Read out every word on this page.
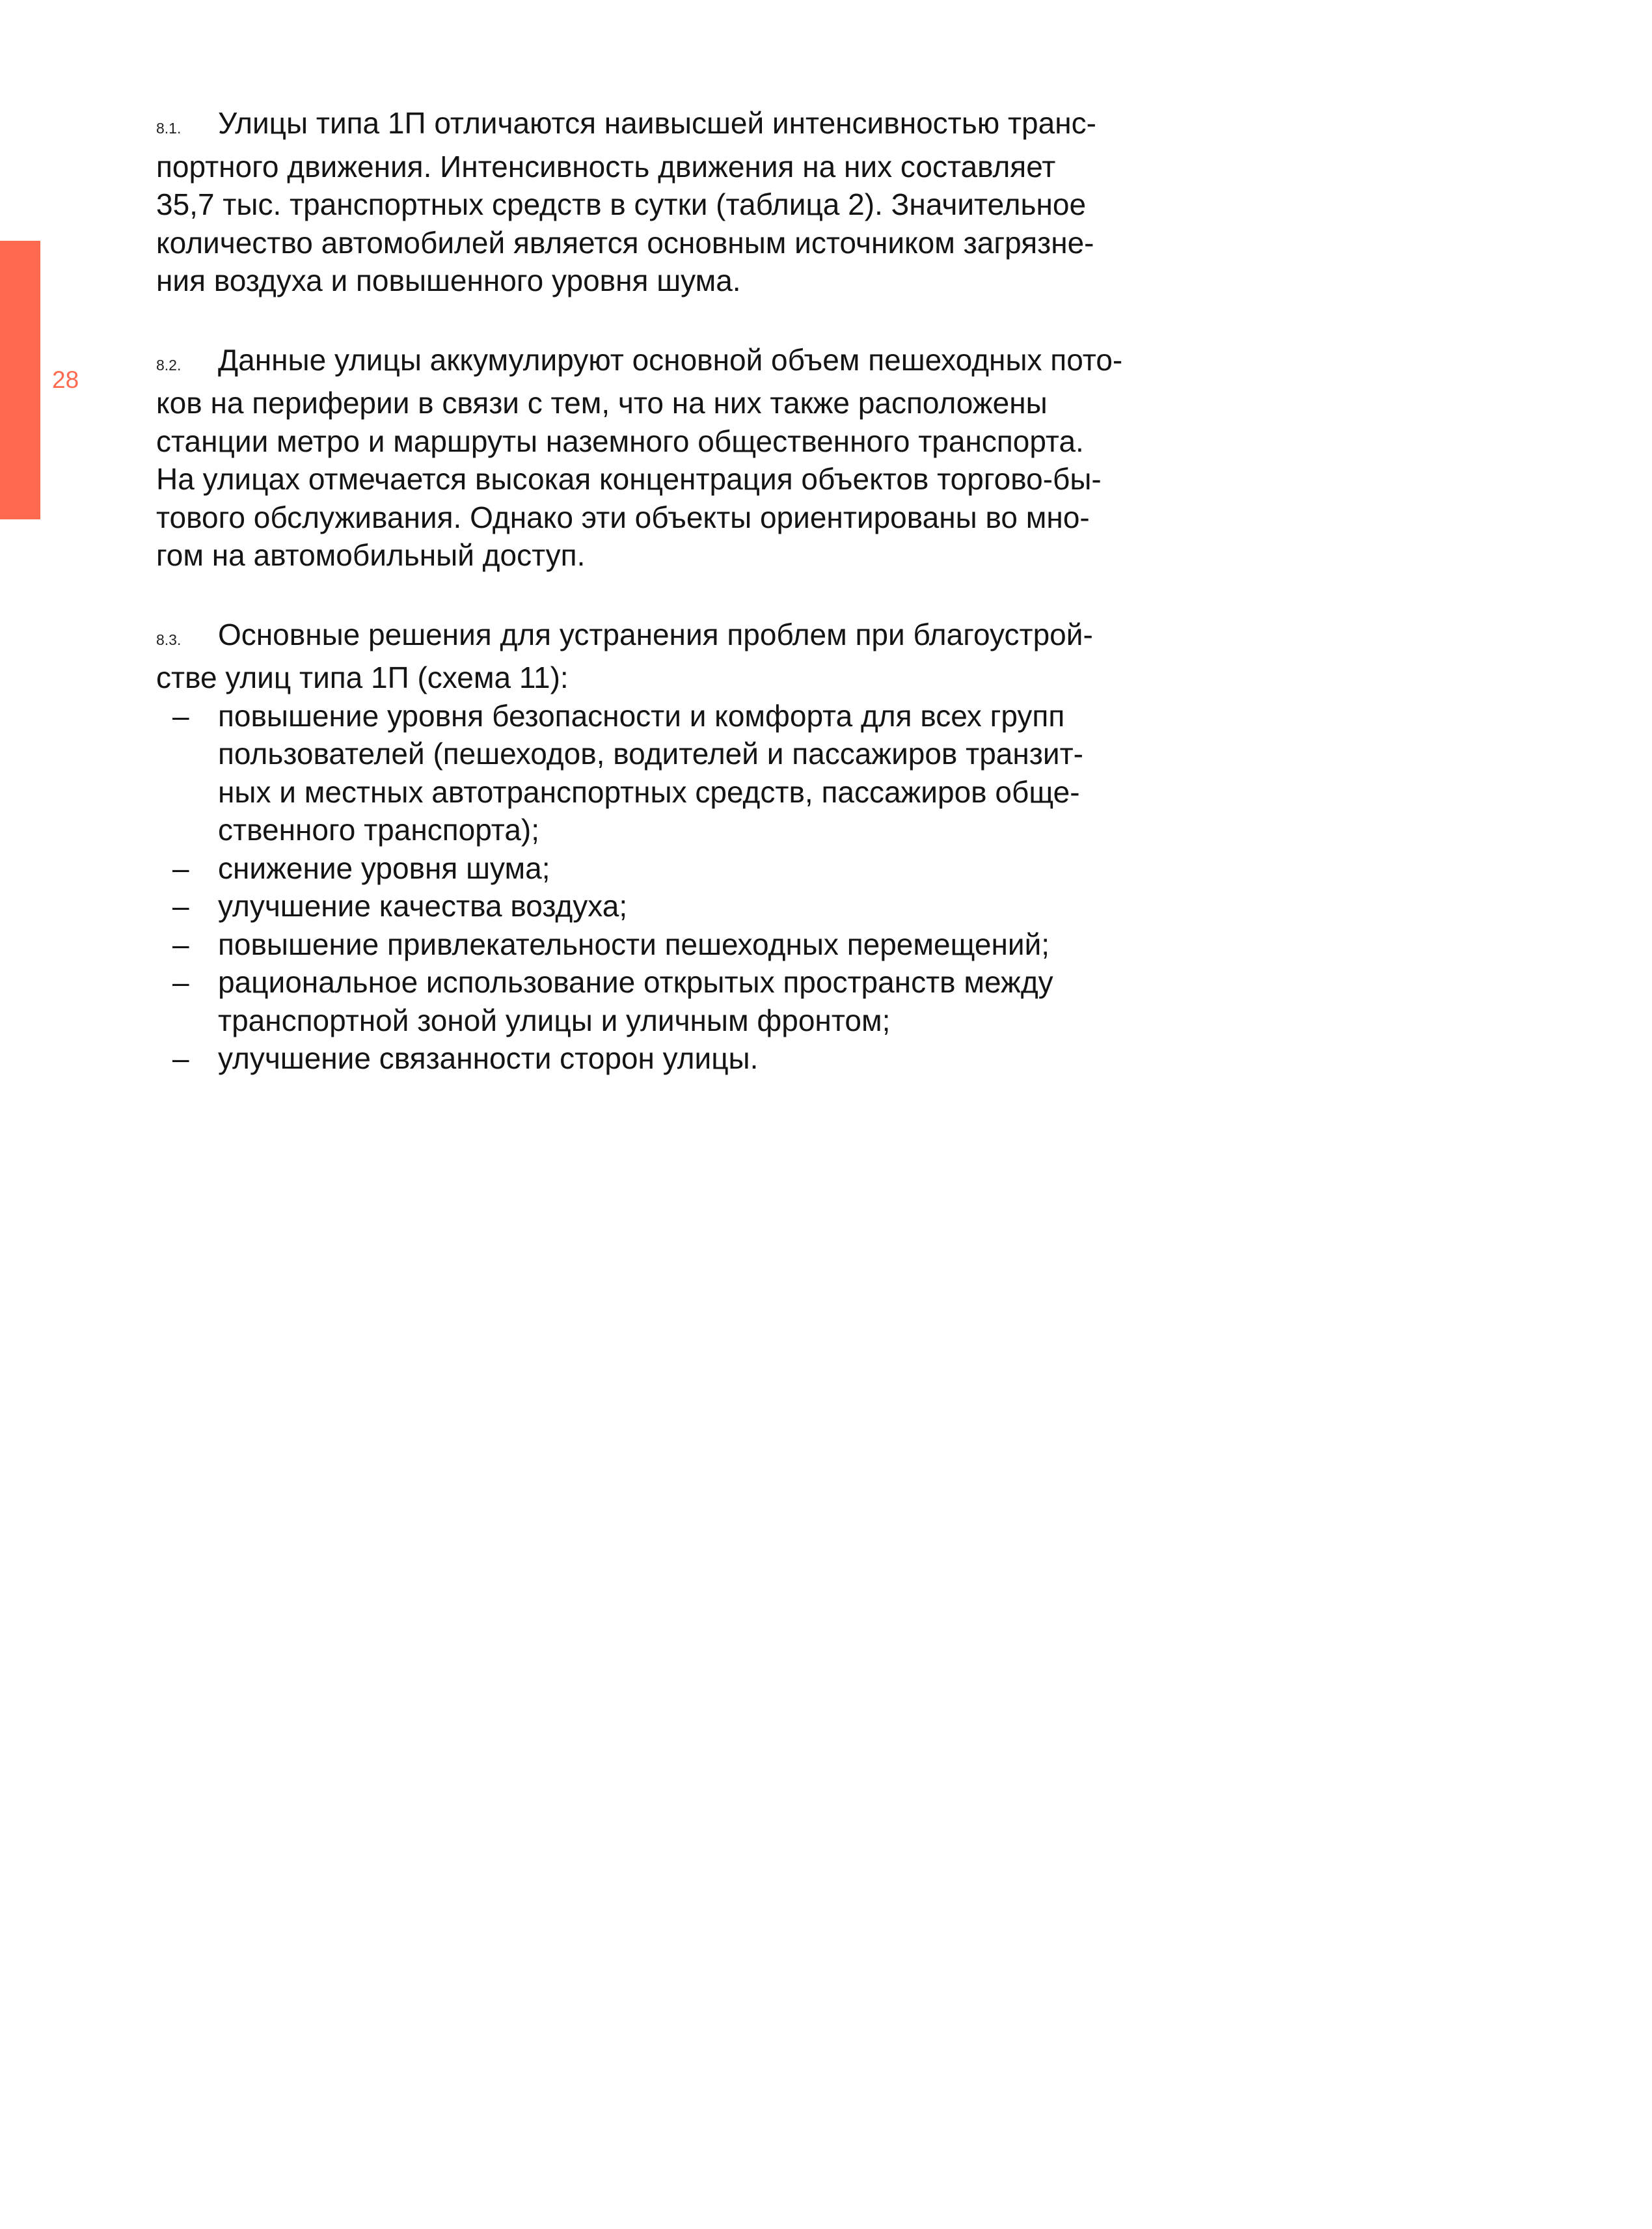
28
8.1. Улицы типа 1П отличаются наивысшей интенсивностью транс-
портного движения. Интенсивность движения на них составляет
35,7 тыс. транспортных средств в сутки (таблица 2). Значительное
количество автомобилей является основным источником загрязне-
ния воздуха и повышенного уровня шума.
8.2. Данные улицы аккумулируют основной объем пешеходных пото-
ков на периферии в связи с тем, что на них также расположены
станции метро и маршруты наземного общественного транспорта.
На улицах отмечается высокая концентрация объектов торгово-бы-
тового обслуживания. Однако эти объекты ориентированы во мно-
гом на автомобильный доступ.
8.3. Основные решения для устранения проблем при благоустрой-
стве улиц типа 1П (схема 11):
– повышение уровня безопасности и комфорта для всех групп
пользователей (пешеходов, водителей и пассажиров транзит-
ных и местных автотранспортных средств, пассажиров обще-
ственного транспорта);
– снижение уровня шума;
– улучшение качества воздуха;
– повышение привлекательности пешеходных перемещений;
– рациональное использование открытых пространств между
транспортной зоной улицы и уличным фронтом;
– улучшение связанности сторон улицы.
